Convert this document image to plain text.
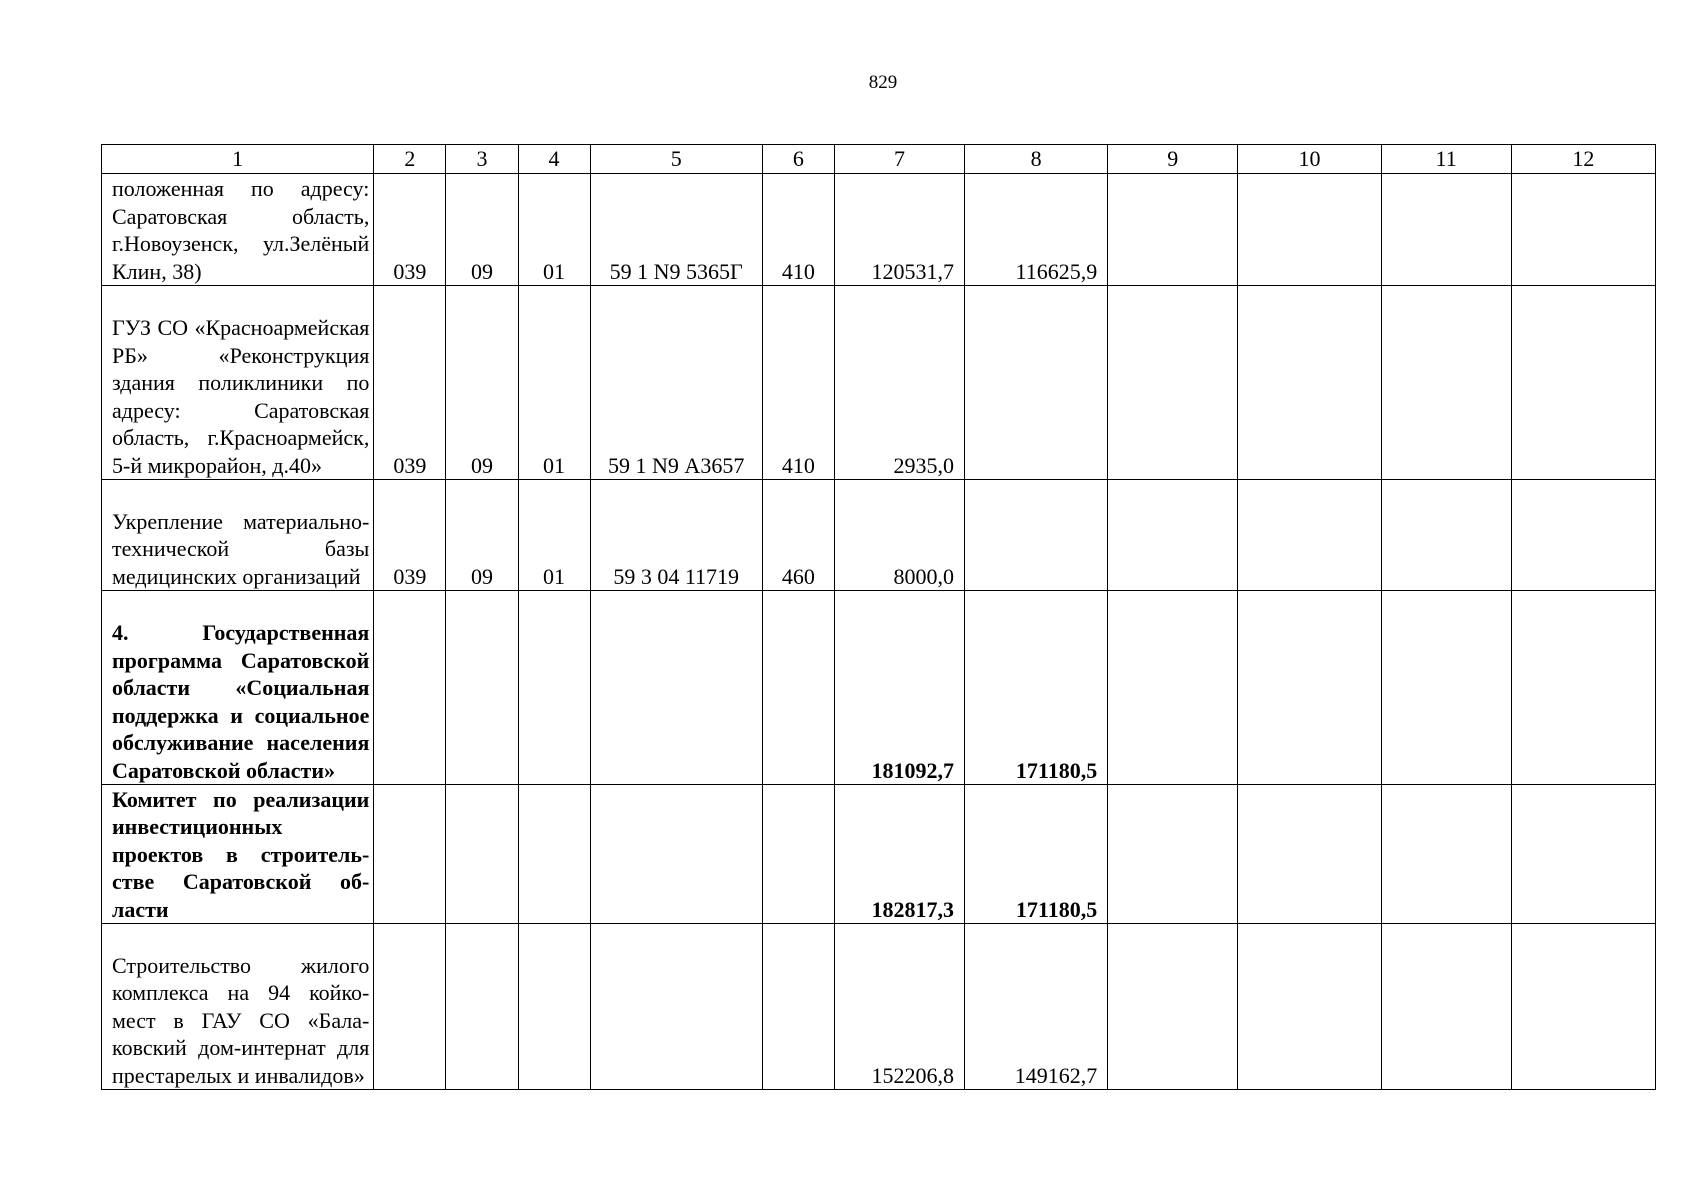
829
1	2	3	4	5	6	7	8	9	10	11	12
положенная по адресу: Саратовская область, г.Новоузенск, ул.Зелёный Клин, 38)	039	09	01	59 1 N9 5365Г	410	120531,7	116625,9				
ГУЗ СО «Красноармейская РБ» «Реконструкция здания поликлиники по адресу: Саратовская область, г.Красноармейск, 5-й микрорайон, д.40»	039	09	01	59 1 N9 А3657	410	2935,0					
Укрепление материально-технической базы медицинских организаций	039	09	01	59 3 04 11719	460	8000,0					
4. Государственная программа Саратовской области «Социальная поддержка и социальное обслуживание населения Саратовской области»						181092,7	171180,5				
Комитет по реализации инвестиционных проектов в строительстве Саратовской области						182817,3	171180,5				
Строительство жилого комплекса на 94 койко-мест в ГАУ СО «Балаковский дом-интернат для престарелых и инвалидов»						152206,8	149162,7				
